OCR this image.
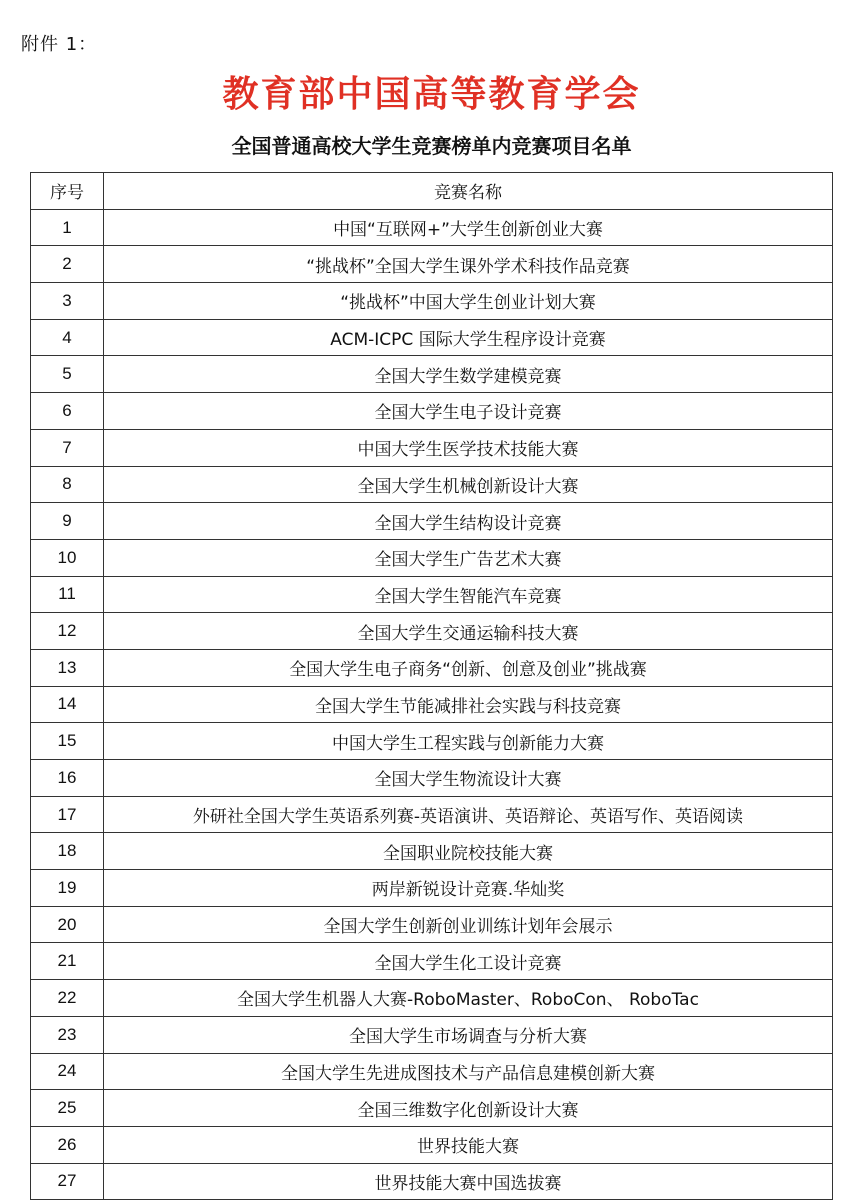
附件 1：
教育部中国高等教育学会
全国普通高校大学生竞赛榜单内竞赛项目名单
序号	竞赛名称
1	中国“互联网+”大学生创新创业大赛
2	“挑战杯”全国大学生课外学术科技作品竞赛
3	“挑战杯”中国大学生创业计划大赛
4	ACM-ICPC 国际大学生程序设计竞赛
5	全国大学生数学建模竞赛
6	全国大学生电子设计竞赛
7	中国大学生医学技术技能大赛
8	全国大学生机械创新设计大赛
9	全国大学生结构设计竞赛
10	全国大学生广告艺术大赛
11	全国大学生智能汽车竞赛
12	全国大学生交通运输科技大赛
13	全国大学生电子商务“创新、创意及创业”挑战赛
14	全国大学生节能减排社会实践与科技竞赛
15	中国大学生工程实践与创新能力大赛
16	全国大学生物流设计大赛
17	外研社全国大学生英语系列赛-英语演讲、英语辩论、英语写作、英语阅读
18	全国职业院校技能大赛
19	两岸新锐设计竞赛.华灿奖
20	全国大学生创新创业训练计划年会展示
21	全国大学生化工设计竞赛
22	全国大学生机器人大赛-RoboMaster、RoboCon、 RoboTac
23	全国大学生市场调查与分析大赛
24	全国大学生先进成图技术与产品信息建模创新大赛
25	全国三维数字化创新设计大赛
26	世界技能大赛
27	世界技能大赛中国选拔赛
